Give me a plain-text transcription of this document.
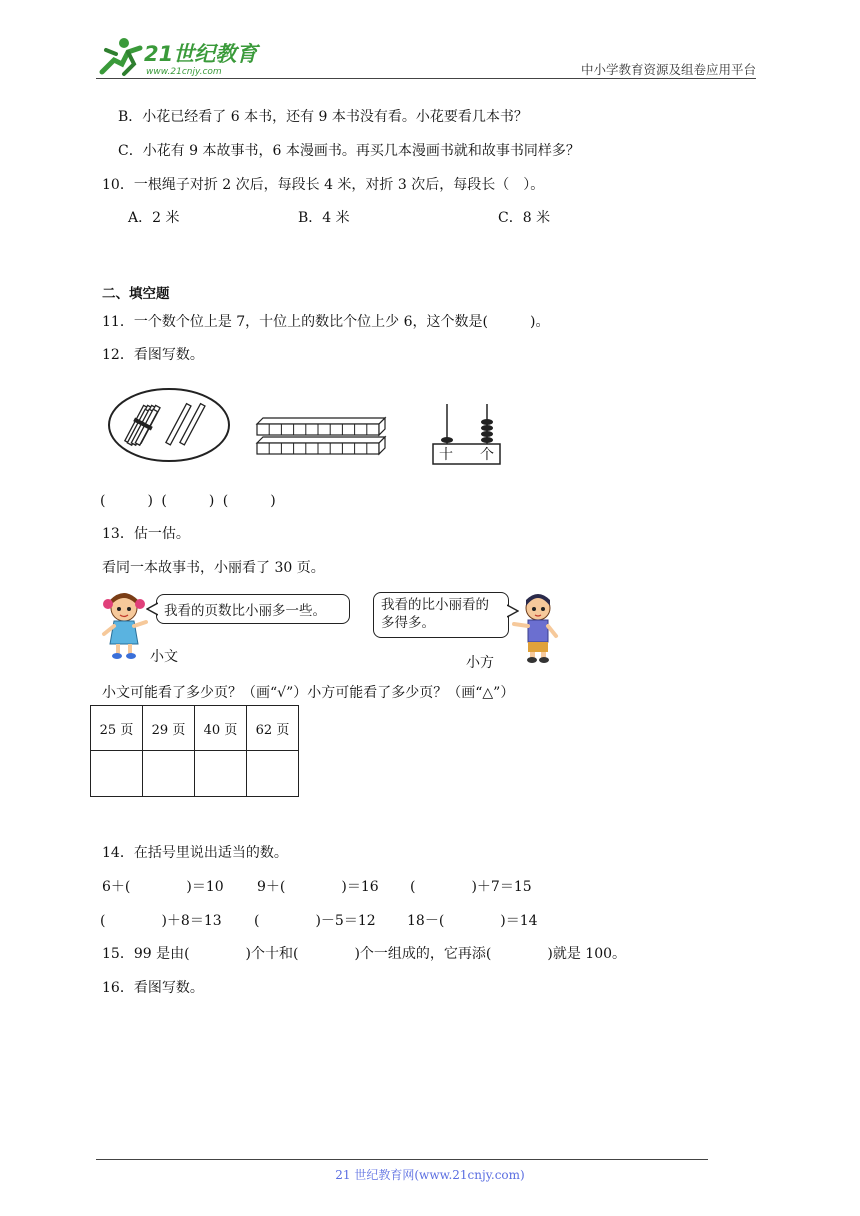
21世纪教育
www.21cnjy.com	中小学教育资源及组卷应用平台
B．小花已经看了 6 本书，还有 9 本书没有看。小花要看几本书？
C．小花有 9 本故事书，6 本漫画书。再买几本漫画书就和故事书同样多？
10．一根绳子对折 2 次后，每段长 4 米，对折 3 次后，每段长（　）。
A．2 米	B．4 米	C．8 米
二、填空题
11．一个数个位上是 7，十位上的数比个位上少 6，这个数是(　　　)。
12．看图写数。
十 个
(　　　) (　　　) (　　　)
13．估一估。
看同一本故事书，小丽看了 30 页。
我看的页数比小丽多一些。
小文
我看的比小丽看的
多得多。
小方
小文可能看了多少页？（画“√”）小方可能看了多少页？（画“△”）
25 页	29 页	40 页	62 页

14．在括号里说出适当的数。
6＋(　　　　)＝10 9＋(　　　　)＝16 (　　　　)＋7＝15
(　　　　)＋8＝13 (　　　　)－5＝12 18－(　　　　)＝14
15．99 是由(　　　　)个十和(　　　　)个一组成的，它再添(　　　　)就是 100。
16．看图写数。
21 世纪教育网(www.21cnjy.com)
